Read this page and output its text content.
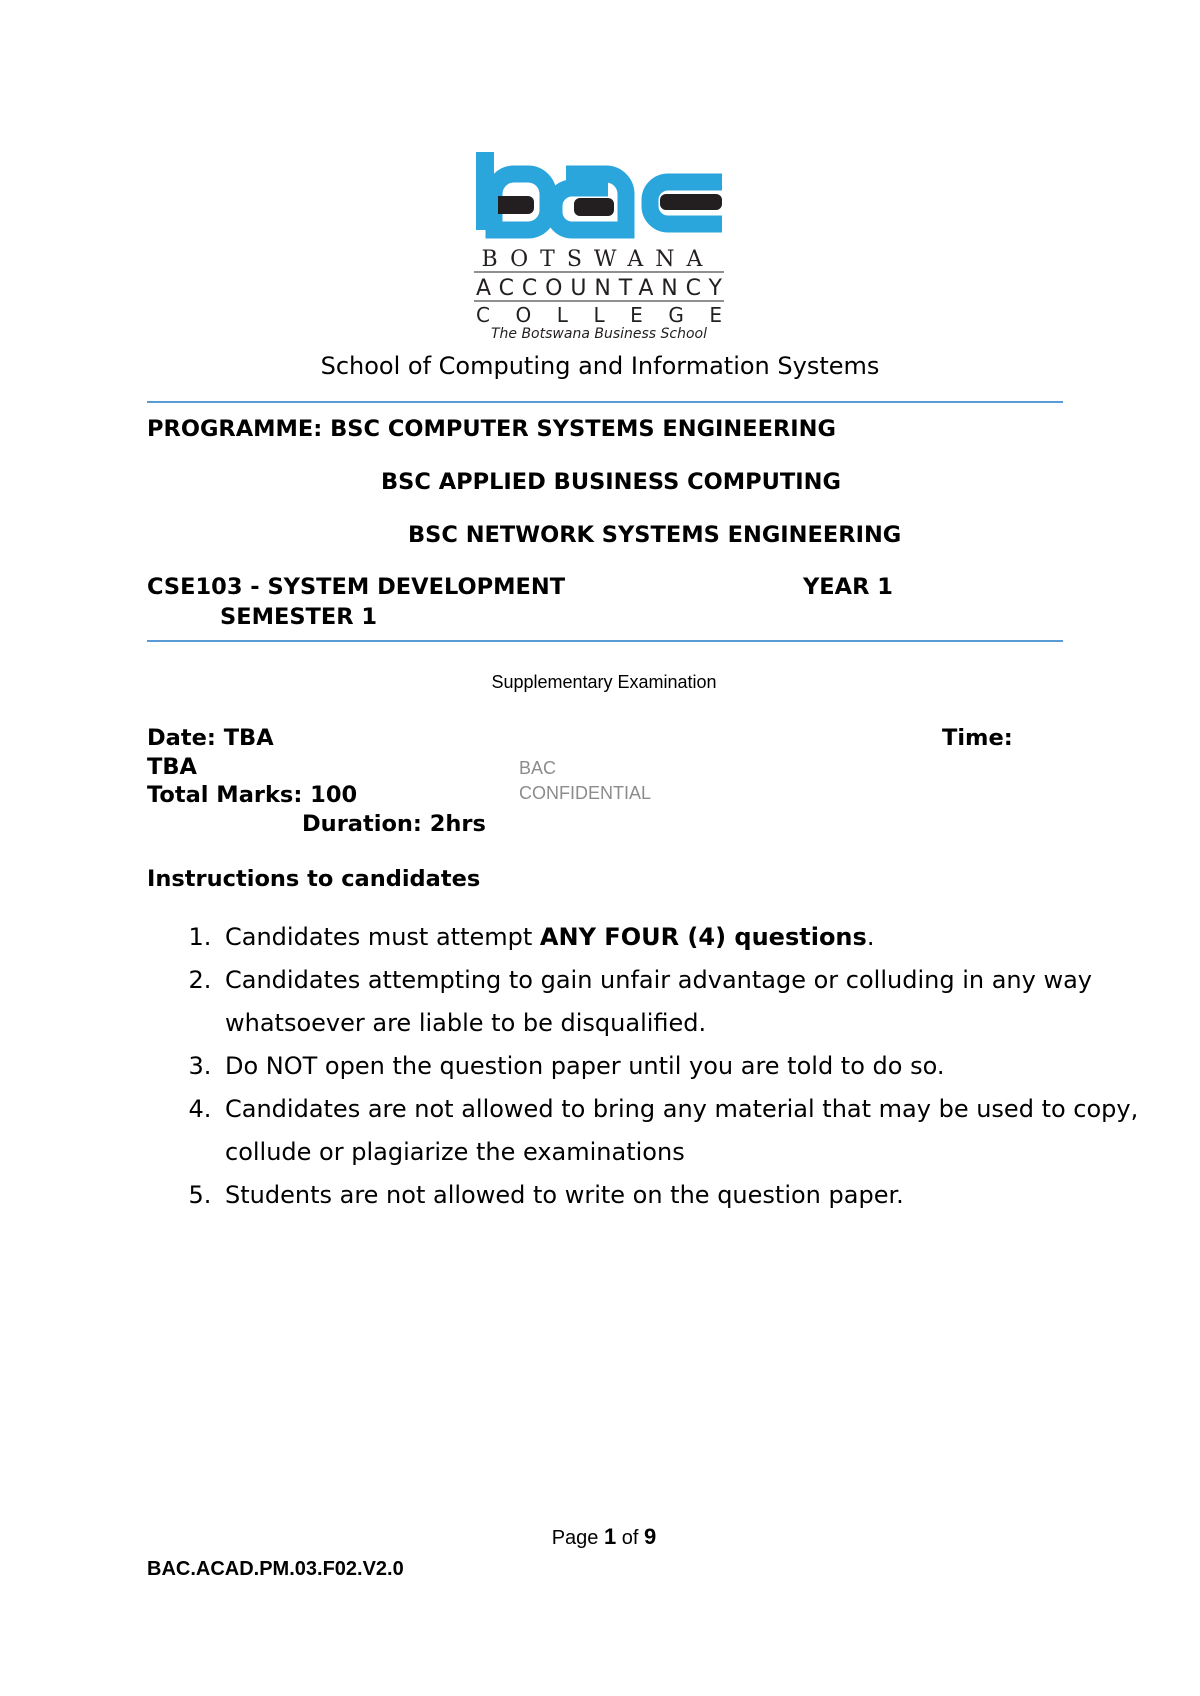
BOTSWANA
ACCOUNTANCY
COLLEGE
The Botswana Business School
School of Computing and Information Systems
PROGRAMME: BSC COMPUTER SYSTEMS ENGINEERING
BSC APPLIED BUSINESS COMPUTING
BSC NETWORK SYSTEMS ENGINEERING
CSE103 - SYSTEM DEVELOPMENT	YEAR 1
SEMESTER 1
Supplementary Examination
Date: TBA	Time:
TBA	BAC
Total Marks: 100	CONFIDENTIAL
Duration: 2hrs
Instructions to candidates
1. Candidates must attempt ANY FOUR (4) questions.
2. Candidates attempting to gain unfair advantage or colluding in any way whatsoever are liable to be disqualified.
3. Do NOT open the question paper until you are told to do so.
4. Candidates are not allowed to bring any material that may be used to copy, collude or plagiarize the examinations
5. Students are not allowed to write on the question paper.
Page 1 of 9
BAC.ACAD.PM.03.F02.V2.0
